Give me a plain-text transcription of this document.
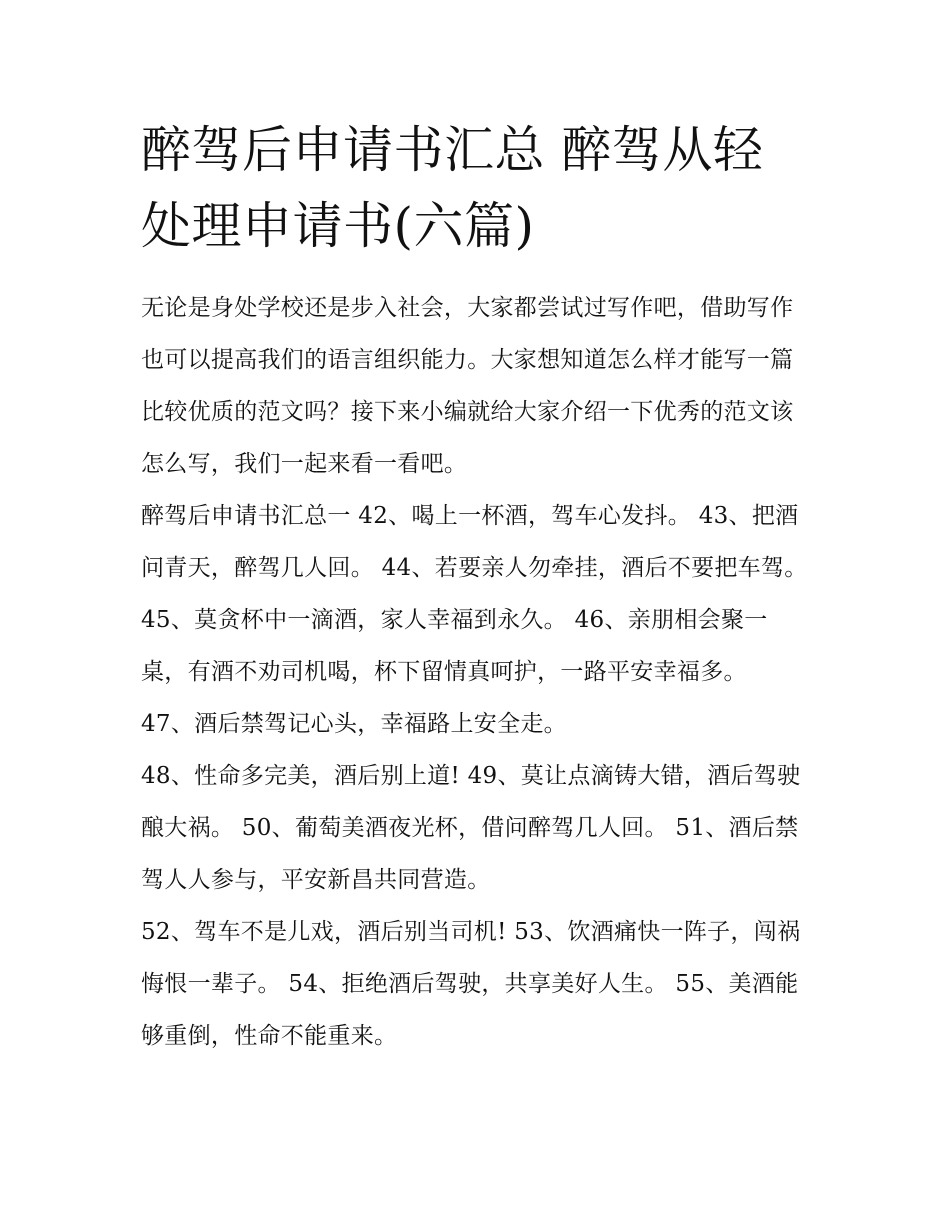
醉驾后申请书汇总 醉驾从轻处理申请书(六篇)

无论是身处学校还是步入社会，大家都尝试过写作吧，借助写作也可以提高我们的语言组织能力。大家想知道怎么样才能写一篇比较优质的范文吗？接下来小编就给大家介绍一下优秀的范文该怎么写，我们一起来看一看吧。

醉驾后申请书汇总一 42、喝上一杯酒，驾车心发抖。 43、把酒问青天，醉驾几人回。 44、若要亲人勿牵挂，酒后不要把车驾。

45、莫贪杯中一滴酒，家人幸福到永久。 46、亲朋相会聚一桌，有酒不劝司机喝，杯下留情真呵护，一路平安幸福多。

47、酒后禁驾记心头，幸福路上安全走。

48、性命多完美，酒后别上道! 49、莫让点滴铸大错，酒后驾驶酿大祸。 50、葡萄美酒夜光杯，借问醉驾几人回。 51、酒后禁驾人人参与，平安新昌共同营造。

52、驾车不是儿戏，酒后别当司机! 53、饮酒痛快一阵子，闯祸悔恨一辈子。 54、拒绝酒后驾驶，共享美好人生。 55、美酒能够重倒，性命不能重来。
